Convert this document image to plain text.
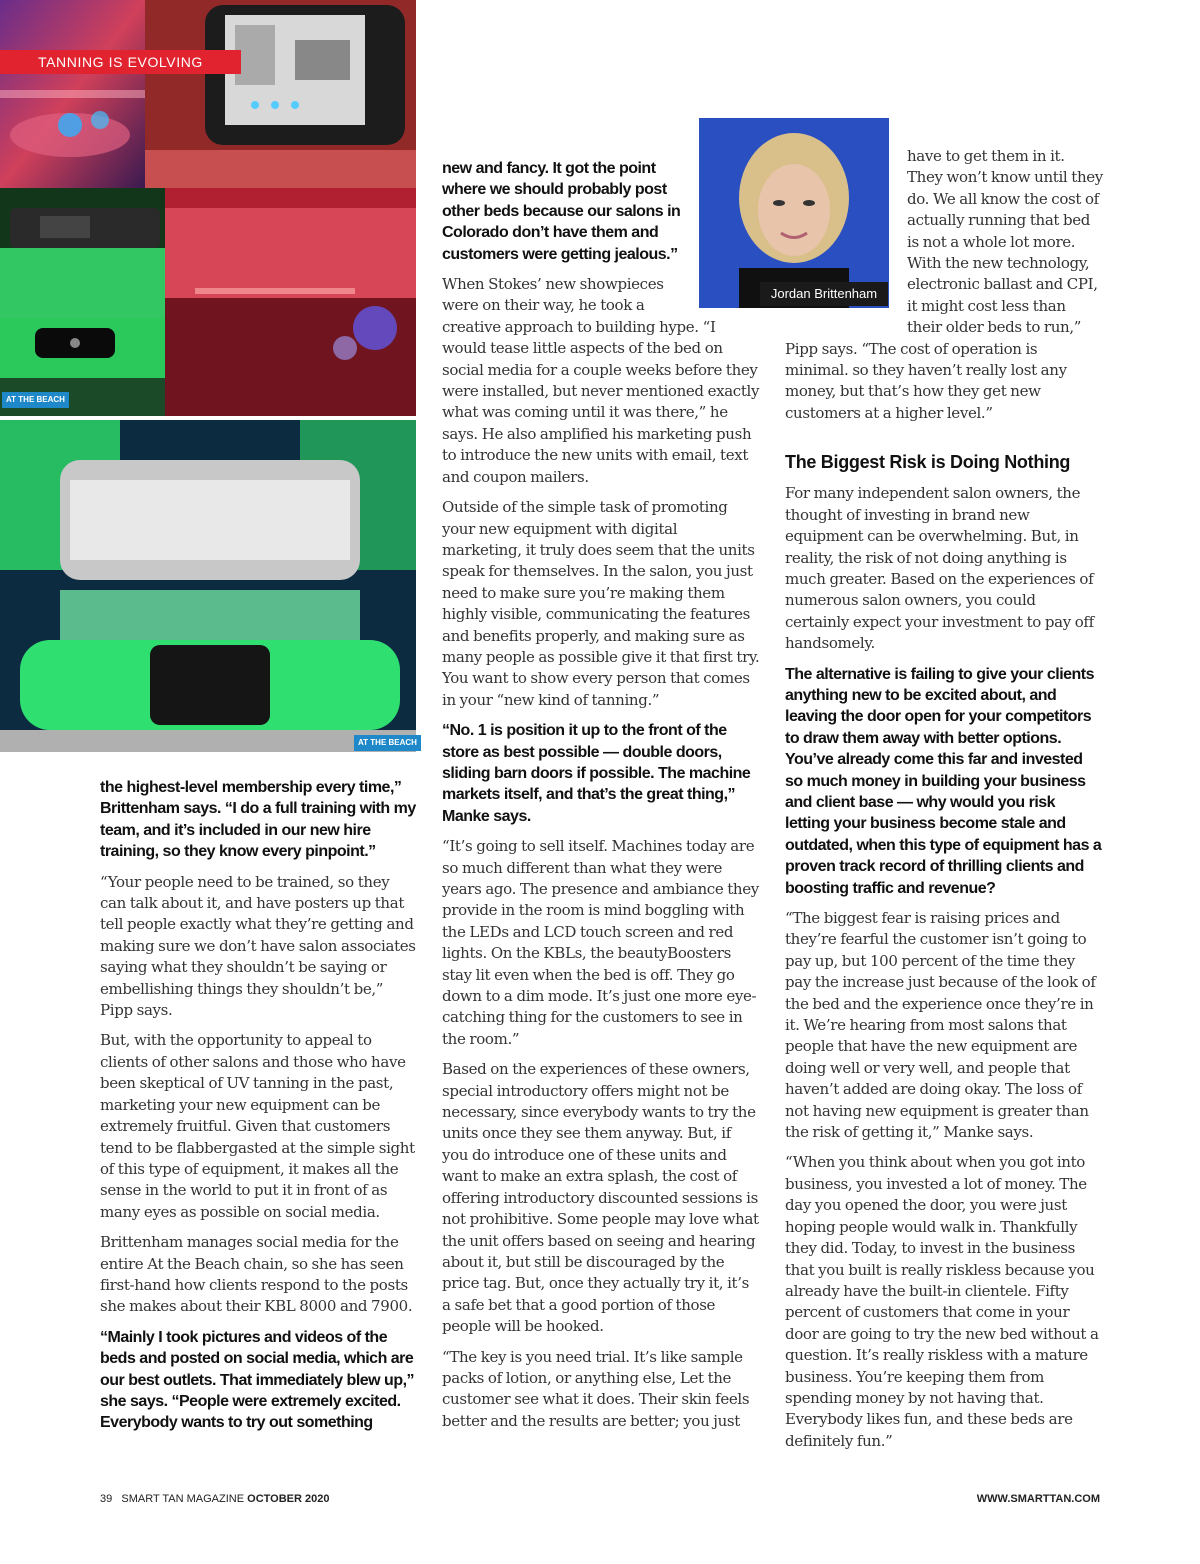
TANNING IS EVOLVING
AT THE BEACH
AT THE BEACH

the highest-level membership every time,” Brittenham says. “I do a full training with my team, and it’s included in our new hire training, so they know every pinpoint.”

“Your people need to be trained, so they can talk about it, and have posters up that tell people exactly what they’re getting and making sure we don’t have salon associates saying what they shouldn’t be saying or embellishing things they shouldn’t be,” Pipp says.

But, with the opportunity to appeal to clients of other salons and those who have been skeptical of UV tanning in the past, marketing your new equipment can be extremely fruitful. Given that customers tend to be flabbergasted at the simple sight of this type of equipment, it makes all the sense in the world to put it in front of as many eyes as possible on social media.

Brittenham manages social media for the entire At the Beach chain, so she has seen first-hand how clients respond to the posts she makes about their KBL 8000 and 7900.

“Mainly I took pictures and videos of the beds and posted on social media, which are our best outlets. That immediately blew up,” she says. “People were extremely excited. Everybody wants to try out something

new and fancy. It got the point where we should probably post other beds because our salons in Colorado don’t have them and customers were getting jealous.”

When Stokes’ new showpieces were on their way, he took a creative approach to building hype. “I would tease little aspects of the bed on social media for a couple weeks before they were installed, but never mentioned exactly what was coming until it was there,” he says. He also amplified his marketing push to introduce the new units with email, text and coupon mailers.

Outside of the simple task of promoting your new equipment with digital marketing, it truly does seem that the units speak for themselves. In the salon, you just need to make sure you’re making them highly visible, communicating the features and benefits properly, and making sure as many people as possible give it that first try. You want to show every person that comes in your “new kind of tanning.”

“No. 1 is position it up to the front of the store as best possible — double doors, sliding barn doors if possible. The machine markets itself, and that’s the great thing,” Manke says.

“It’s going to sell itself. Machines today are so much different than what they were years ago. The presence and ambiance they provide in the room is mind boggling with the LEDs and LCD touch screen and red lights. On the KBLs, the beautyBoosters stay lit even when the bed is off. They go down to a dim mode. It’s just one more eye-catching thing for the customers to see in the room.”

Based on the experiences of these owners, special introductory offers might not be necessary, since everybody wants to try the units once they see them anyway. But, if you do introduce one of these units and want to make an extra splash, the cost of offering introductory discounted sessions is not prohibitive. Some people may love what the unit offers based on seeing and hearing about it, but still be discouraged by the price tag. But, once they actually try it, it’s a safe bet that a good portion of those people will be hooked.

“The key is you need trial. It’s like sample packs of lotion, or anything else, Let the customer see what it does. Their skin feels better and the results are better; you just

Jordan Brittenham

have to get them in it. They won’t know until they do. We all know the cost of actually running that bed is not a whole lot more. With the new technology, electronic ballast and CPI, it might cost less than their older beds to run,” Pipp says. “The cost of operation is minimal. so they haven’t really lost any money, but that’s how they get new customers at a higher level.”

The Biggest Risk is Doing Nothing

For many independent salon owners, the thought of investing in brand new equipment can be overwhelming. But, in reality, the risk of not doing anything is much greater. Based on the experiences of numerous salon owners, you could certainly expect your investment to pay off handsomely.

The alternative is failing to give your clients anything new to be excited about, and leaving the door open for your competitors to draw them away with better options. You’ve already come this far and invested so much money in building your business and client base — why would you risk letting your business become stale and outdated, when this type of equipment has a proven track record of thrilling clients and boosting traffic and revenue?

“The biggest fear is raising prices and they’re fearful the customer isn’t going to pay up, but 100 percent of the time they pay the increase just because of the look of the bed and the experience once they’re in it. We’re hearing from most salons that people that have the new equipment are doing well or very well, and people that haven’t added are doing okay. The loss of not having new equipment is greater than the risk of getting it,” Manke says.

“When you think about when you got into business, you invested a lot of money. The day you opened the door, you were just hoping people would walk in. Thankfully they did. Today, to invest in the business that you built is really riskless because you already have the built-in clientele. Fifty percent of customers that come in your door are going to try the new bed without a question. It’s really riskless with a mature business. You’re keeping them from spending money by not having that. Everybody likes fun, and these beds are definitely fun.”

39 SMART TAN MAGAZINE OCTOBER 2020	WWW.SMARTTAN.COM
